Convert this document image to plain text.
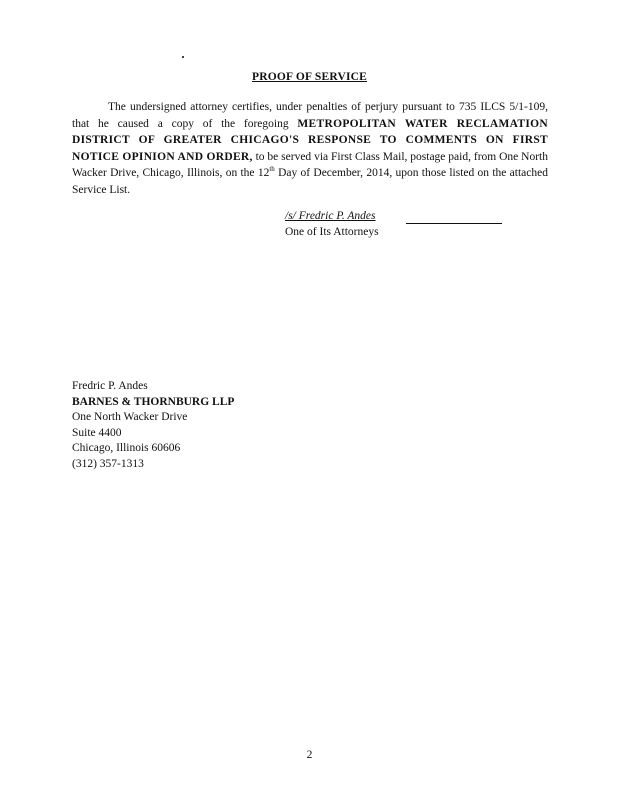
PROOF OF SERVICE

The undersigned attorney certifies, under penalties of perjury pursuant to 735 ILCS 5/1-109, that he caused a copy of the foregoing METROPOLITAN WATER RECLAMATION DISTRICT OF GREATER CHICAGO'S RESPONSE TO COMMENTS ON FIRST NOTICE OPINION AND ORDER, to be served via First Class Mail, postage paid, from One North Wacker Drive, Chicago, Illinois, on the 12th Day of December, 2014, upon those listed on the attached Service List.

/s/ Fredric P. Andes
One of Its Attorneys
Fredric P. Andes
BARNES & THORNBURG LLP
One North Wacker Drive
Suite 4400
Chicago, Illinois 60606
(312) 357-1313
2
